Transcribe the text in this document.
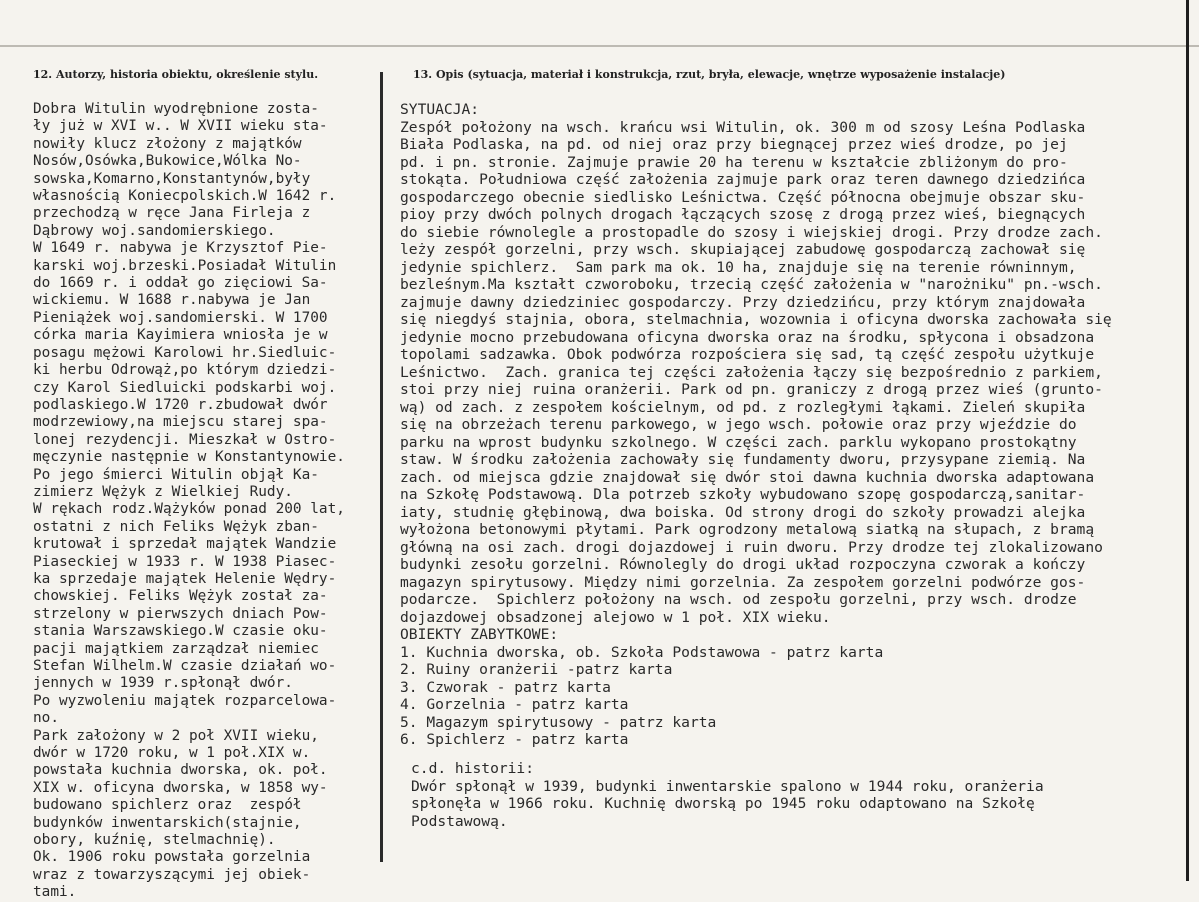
12. Autorzy, historia obiektu, określenie stylu.	13. Opis (sytuacja, materiał i konstrukcja, rzut, bryła, elewacje, wnętrze wyposażenie instalacje)
Dobra Witulin wyodrębnione zosta-
ły już w XVI w.. W XVII wieku sta-
nowiły klucz złożony z majątków
Nosów,Osówka,Bukowice,Wólka No-
sowska,Komarno,Konstantynów,były
własnością Koniecpolskich.W 1642 r.
przechodzą w ręce Jana Firleja z
Dąbrowy woj.sandomierskiego.
W 1649 r. nabywa je Krzysztof Pie-
karski woj.brzeski.Posiadał Witulin
do 1669 r. i oddał go zięciowi Sa-
wickiemu. W 1688 r.nabywa je Jan
Pieniążek woj.sandomierski. W 1700
córka maria Kayimiera wniosła je w
posagu mężowi Karolowi hr.Siedluic-
ki herbu Odrowąż,po którym dziedzi-
czy Karol Siedluicki podskarbi woj.
podlaskiego.W 1720 r.zbudował dwór
modrzewiowy,na miejscu starej spa-
lonej rezydencji. Mieszkał w Ostro-
męczynie następnie w Konstantynowie.
Po jego śmierci Witulin objął Ka-
zimierz Wężyk z Wielkiej Rudy.
W rękach rodz.Wążyków ponad 200 lat,
ostatni z nich Feliks Wężyk zban-
krutował i sprzedał majątek Wandzie
Piaseckiej w 1933 r. W 1938 Piasec-
ka sprzedaje majątek Helenie Wędry-
chowskiej. Feliks Wężyk został za-
strzelony w pierwszych dniach Pow-
stania Warszawskiego.W czasie oku-
pacji majątkiem zarządzał niemiec
Stefan Wilhelm.W czasie działań wo-
jennych w 1939 r.spłonął dwór.
Po wyzwoleniu majątek rozparcelowa-
no.
Park założony w 2 poł XVII wieku,
dwór w 1720 roku, w 1 poł.XIX w.
powstała kuchnia dworska, ok. poł.
XIX w. oficyna dworska, w 1858 wy-
budowano spichlerz oraz  zespół
budynków inwentarskich(stajnie,
obory, kuźnię, stelmachnię).
Ok. 1906 roku powstała gorzelnia
wraz z towarzyszącymi jej obiek-
tami.
SYTUACJA:
Zespół położony na wsch. krańcu wsi Witulin, ok. 300 m od szosy Leśna Podlaska
Biała Podlaska, na pd. od niej oraz przy biegnącej przez wieś drodze, po jej
pd. i pn. stronie. Zajmuje prawie 20 ha terenu w kształcie zbliżonym do pro-
stokąta. Południowa część założenia zajmuje park oraz teren dawnego dziedzińca
gospodarczego obecnie siedlisko Leśnictwa. Część północna obejmuje obszar sku-
pioy przy dwóch polnych drogach łączących szosę z drogą przez wieś, biegnących
do siebie równolegle a prostopadle do szosy i wiejskiej drogi. Przy drodze zach.
leży zespół gorzelni, przy wsch. skupiającej zabudowę gospodarczą zachował się
jedynie spichlerz.  Sam park ma ok. 10 ha, znajduje się na terenie równinnym,
bezleśnym.Ma kształt czworoboku, trzecią część założenia w "narożniku" pn.-wsch.
zajmuje dawny dziedziniec gospodarczy. Przy dziedzińcu, przy którym znajdowała
się niegdyś stajnia, obora, stelmachnia, wozownia i oficyna dworska zachowała się
jedynie mocno przebudowana oficyna dworska oraz na środku, spłycona i obsadzona
topolami sadzawka. Obok podwórza rozpościera się sad, tą część zespołu użytkuje
Leśnictwo.  Zach. granica tej części założenia łączy się bezpośrednio z parkiem,
stoi przy niej ruina oranżerii. Park od pn. graniczy z drogą przez wieś (grunto-
wą) od zach. z zespołem kościelnym, od pd. z rozległymi łąkami. Zieleń skupiła
się na obrzeżach terenu parkowego, w jego wsch. połowie oraz przy wjeździe do
parku na wprost budynku szkolnego. W części zach. parklu wykopano prostokątny
staw. W środku założenia zachowały się fundamenty dworu, przysypane ziemią. Na
zach. od miejsca gdzie znajdował się dwór stoi dawna kuchnia dworska adaptowana
na Szkołę Podstawową. Dla potrzeb szkoły wybudowano szopę gospodarczą,sanitar-
iaty, studnię głębinową, dwa boiska. Od strony drogi do szkoły prowadzi alejka
wyłożona betonowymi płytami. Park ogrodzony metalową siatką na słupach, z bramą
główną na osi zach. drogi dojazdowej i ruin dworu. Przy drodze tej zlokalizowano
budynki zesołu gorzelni. Równolegly do drogi układ rozpoczyna czworak a kończy
magazyn spirytusowy. Między nimi gorzelnia. Za zespołem gorzelni podwórze gos-
podarcze.  Spichlerz położony na wsch. od zespołu gorzelni, przy wsch. drodze
dojazdowej obsadzonej alejowo w 1 poł. XIX wieku.
OBIEKTY ZABYTKOWE:
1. Kuchnia dworska, ob. Szkoła Podstawowa - patrz karta
2. Ruiny oranżerii -patrz karta
3. Czworak - patrz karta
4. Gorzelnia - patrz karta
5. Magazym spirytusowy - patrz karta
6. Spichlerz - patrz karta
c.d. historii:
Dwór spłonął w 1939, budynki inwentarskie spalono w 1944 roku, oranżeria
spłonęła w 1966 roku. Kuchnię dworską po 1945 roku odaptowano na Szkołę
Podstawową.
